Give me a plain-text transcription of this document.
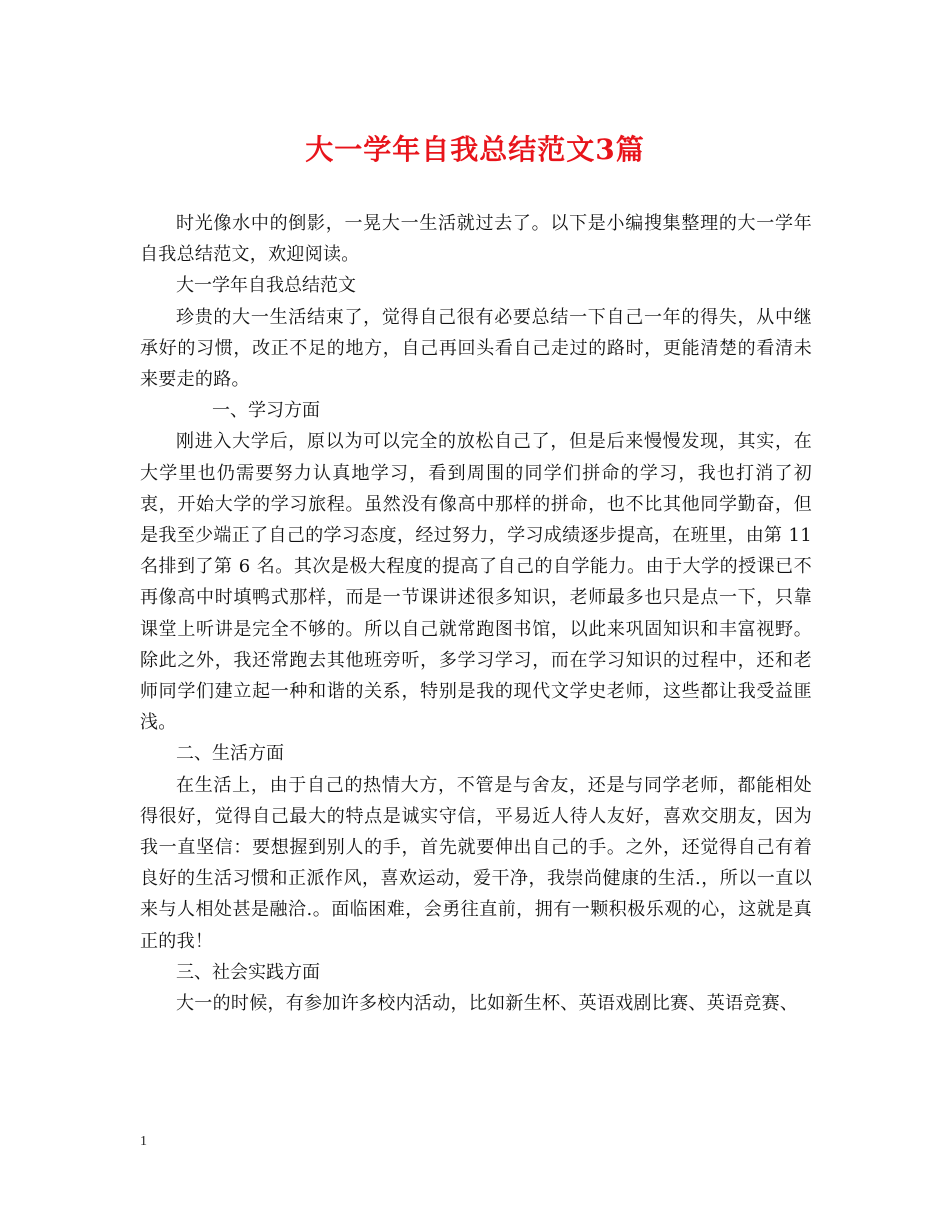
大一学年自我总结范文3篇

时光像水中的倒影，一晃大一生活就过去了。以下是小编搜集整理的大一学年自我总结范文，欢迎阅读。

大一学年自我总结范文

珍贵的大一生活结束了，觉得自己很有必要总结一下自己一年的得失，从中继承好的习惯，改正不足的地方，自己再回头看自己走过的路时，更能清楚的看清未来要走的路。

一、学习方面

刚进入大学后，原以为可以完全的放松自己了，但是后来慢慢发现，其实，在大学里也仍需要努力认真地学习，看到周围的同学们拼命的学习，我也打消了初衷，开始大学的学习旅程。虽然没有像高中那样的拼命，也不比其他同学勤奋，但是我至少端正了自己的学习态度，经过努力，学习成绩逐步提高，在班里，由第 11 名排到了第 6 名。其次是极大程度的提高了自己的自学能力。由于大学的授课已不再像高中时填鸭式那样，而是一节课讲述很多知识，老师最多也只是点一下，只靠课堂上听讲是完全不够的。所以自己就常跑图书馆，以此来巩固知识和丰富视野。除此之外，我还常跑去其他班旁听，多学习学习，而在学习知识的过程中，还和老师同学们建立起一种和谐的关系，特别是我的现代文学史老师，这些都让我受益匪浅。

二、生活方面

在生活上，由于自己的热情大方，不管是与舍友，还是与同学老师，都能相处得很好，觉得自己最大的特点是诚实守信，平易近人待人友好，喜欢交朋友，因为我一直坚信：要想握到别人的手，首先就要伸出自己的手。之外，还觉得自己有着良好的生活习惯和正派作风，喜欢运动，爱干净，我崇尚健康的生活.，所以一直以来与人相处甚是融洽.。面临困难，会勇往直前，拥有一颗积极乐观的心，这就是真正的我！

三、社会实践方面

大一的时候，有参加许多校内活动，比如新生杯、英语戏剧比赛、英语竞赛、

1
